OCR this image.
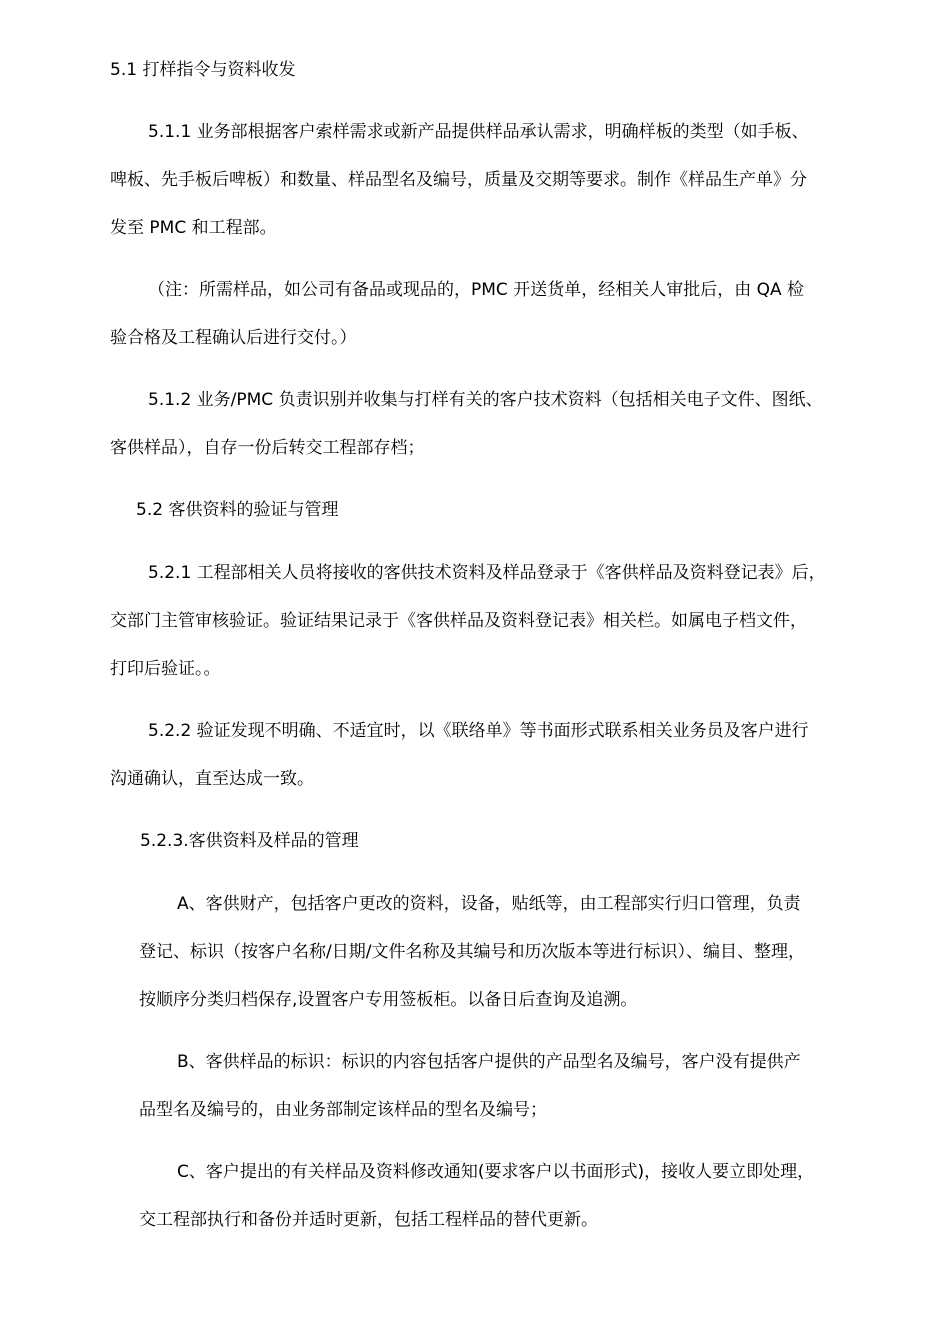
5.1 打样指令与资料收发

5.1.1 业务部根据客户索样需求或新产品提供样品承认需求，明确样板的类型（如手板、

啤板、先手板后啤板）和数量、样品型名及编号，质量及交期等要求。制作《样品生产单》分

发至 PMC 和工程部。

（注：所需样品，如公司有备品或现品的，PMC 开送货单，经相关人审批后，由 QA 检

验合格及工程确认后进行交付。）

5.1.2 业务/PMC 负责识别并收集与打样有关的客户技术资料（包括相关电子文件、图纸、

客供样品），自存一份后转交工程部存档；

5.2 客供资料的验证与管理

5.2.1 工程部相关人员将接收的客供技术资料及样品登录于《客供样品及资料登记表》后，

交部门主管审核验证。验证结果记录于《客供样品及资料登记表》相关栏。如属电子档文件，

打印后验证。。

5.2.2 验证发现不明确、不适宜时，以《联络单》等书面形式联系相关业务员及客户进行

沟通确认，直至达成一致。

5.2.3.客供资料及样品的管理

A、客供财产，包括客户更改的资料，设备，贴纸等，由工程部实行归口管理，负责

登记、标识（按客户名称/日期/文件名称及其编号和历次版本等进行标识）、编目、整理，

按顺序分类归档保存,设置客户专用签板柜。以备日后查询及追溯。

B、客供样品的标识：标识的内容包括客户提供的产品型名及编号，客户没有提供产

品型名及编号的，由业务部制定该样品的型名及编号；

C、客户提出的有关样品及资料修改通知(要求客户以书面形式)，接收人要立即处理，

交工程部执行和备份并适时更新，包括工程样品的替代更新。
